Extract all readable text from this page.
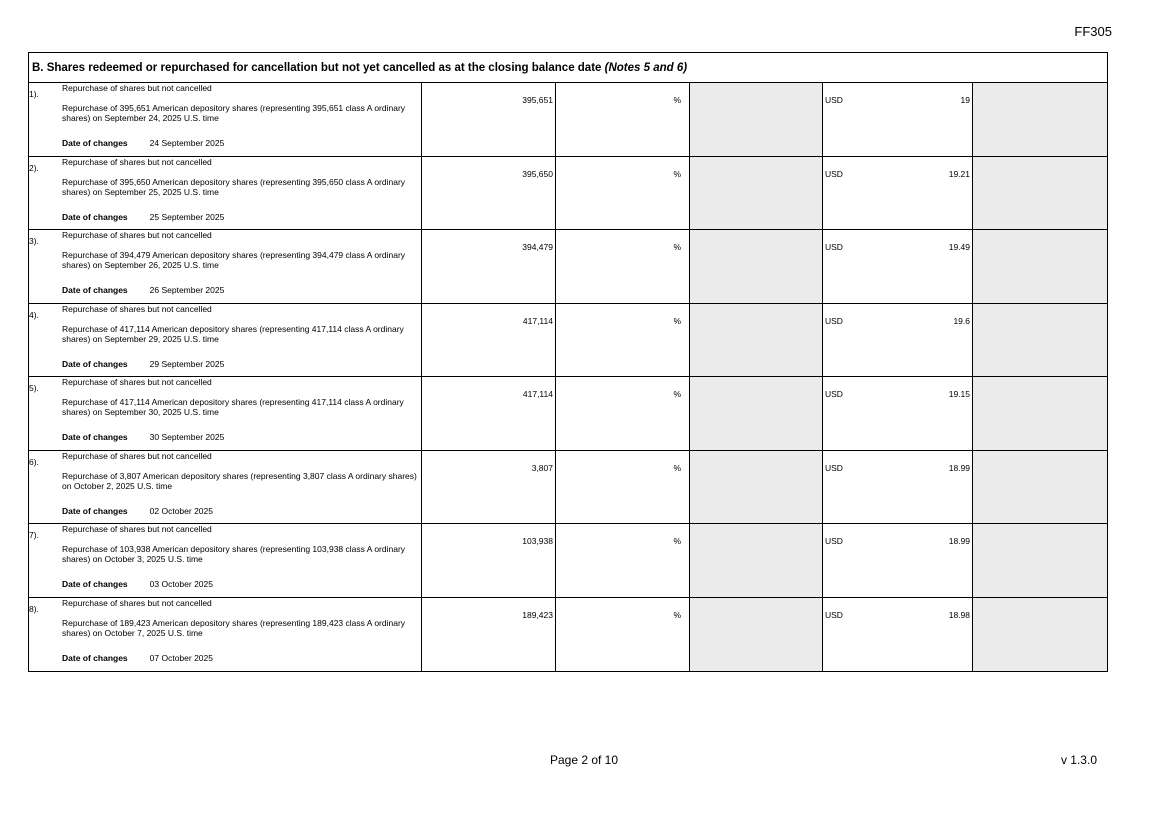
FF305
B. Shares redeemed or repurchased for cancellation but not yet cancelled as at the closing balance date (Notes 5 and 6)
1).
Repurchase of shares but not cancelled
Repurchase of 395,651 American depository shares (representing 395,651 class A ordinary shares) on September 24, 2025 U.S. time
Date of changes	24 September 2025
395,651	%	USD	19
2).
Repurchase of shares but not cancelled
Repurchase of 395,650 American depository shares (representing 395,650 class A ordinary shares) on September 25, 2025 U.S. time
Date of changes	25 September 2025
395,650	%	USD	19.21
3).
Repurchase of shares but not cancelled
Repurchase of 394,479 American depository shares (representing 394,479 class A ordinary shares) on September 26, 2025 U.S. time
Date of changes	26 September 2025
394,479	%	USD	19.49
4).
Repurchase of shares but not cancelled
Repurchase of 417,114 American depository shares (representing 417,114 class A ordinary shares) on September 29, 2025 U.S. time
Date of changes	29 September 2025
417,114	%	USD	19.6
5).
Repurchase of shares but not cancelled
Repurchase of 417,114 American depository shares (representing 417,114 class A ordinary shares) on September 30, 2025 U.S. time
Date of changes	30 September 2025
417,114	%	USD	19.15
6).
Repurchase of shares but not cancelled
Repurchase of 3,807 American depository shares (representing 3,807 class A ordinary shares) on October 2, 2025 U.S. time
Date of changes	02 October 2025
3,807	%	USD	18.99
7).
Repurchase of shares but not cancelled
Repurchase of 103,938 American depository shares (representing 103,938 class A ordinary shares) on October 3, 2025 U.S. time
Date of changes	03 October 2025
103,938	%	USD	18.99
8).
Repurchase of shares but not cancelled
Repurchase of 189,423 American depository shares (representing 189,423 class A ordinary shares) on October 7, 2025 U.S. time
Date of changes	07 October 2025
189,423	%	USD	18.98
Page 2 of 10	v 1.3.0
